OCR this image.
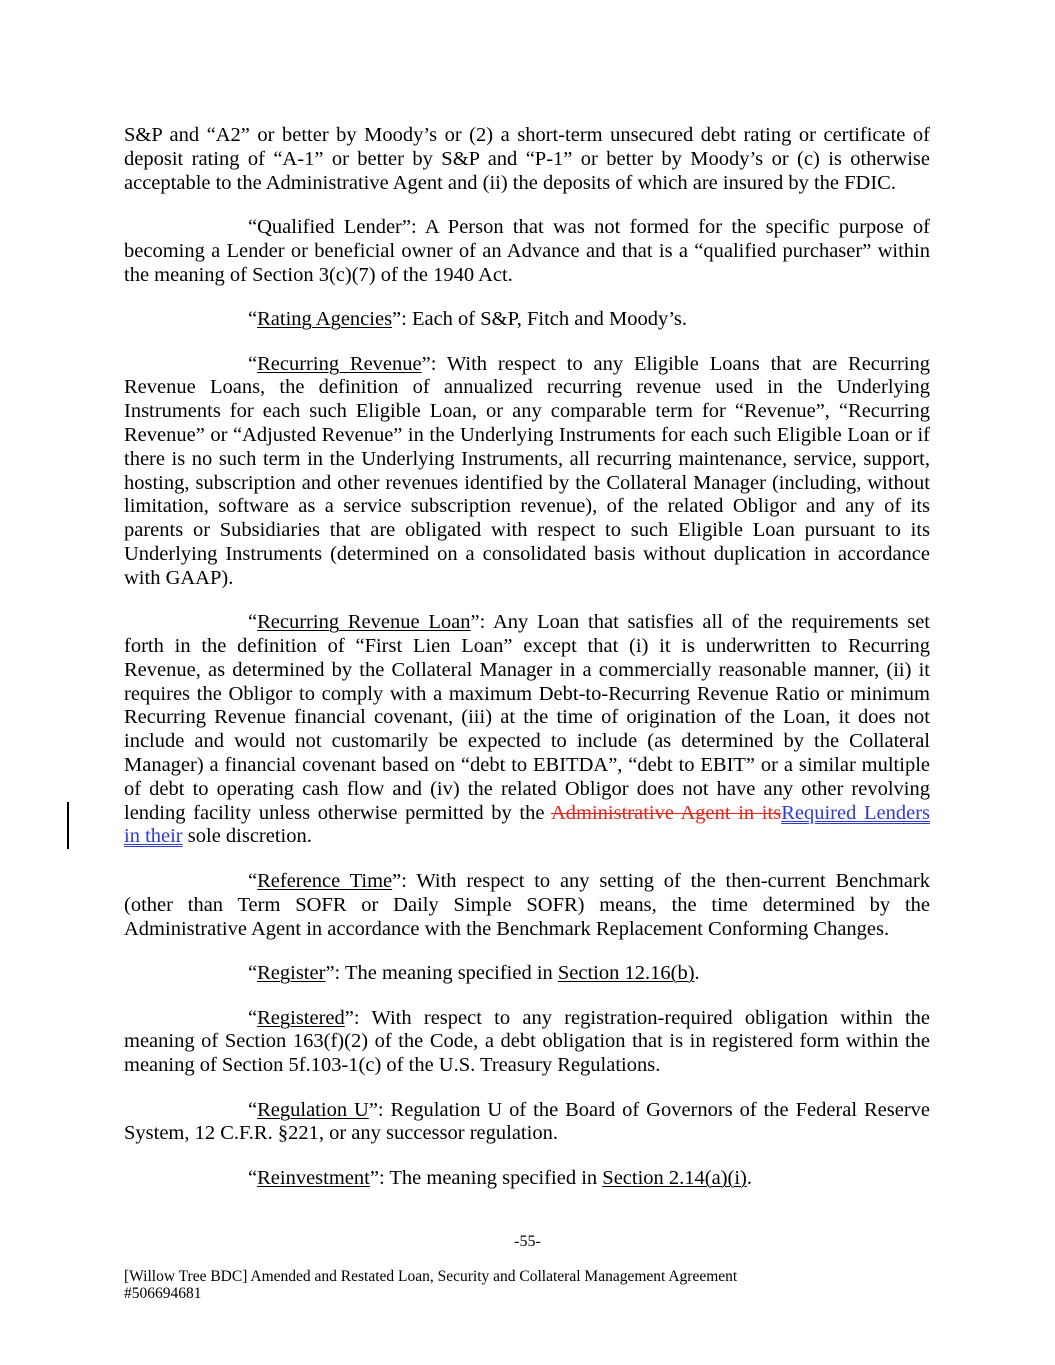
S&P and “A2” or better by Moody’s or (2) a short-term unsecured debt rating or certificate of
deposit rating of “A-1” or better by S&P and “P-1” or better by Moody’s or (c) is otherwise
acceptable to the Administrative Agent and (ii) the deposits of which are insured by the FDIC.
“Qualified Lender”: A Person that was not formed for the specific purpose of
becoming a Lender or beneficial owner of an Advance and that is a “qualified purchaser” within
the meaning of Section 3(c)(7) of the 1940 Act.
“Rating Agencies”: Each of S&P, Fitch and Moody’s.
“Recurring Revenue”: With respect to any Eligible Loans that are Recurring
Revenue Loans, the definition of annualized recurring revenue used in the Underlying
Instruments for each such Eligible Loan, or any comparable term for “Revenue”, “Recurring
Revenue” or “Adjusted Revenue” in the Underlying Instruments for each such Eligible Loan or if
there is no such term in the Underlying Instruments, all recurring maintenance, service, support,
hosting, subscription and other revenues identified by the Collateral Manager (including, without
limitation, software as a service subscription revenue), of the related Obligor and any of its
parents or Subsidiaries that are obligated with respect to such Eligible Loan pursuant to its
Underlying Instruments (determined on a consolidated basis without duplication in accordance
with GAAP).
“Recurring Revenue Loan”: Any Loan that satisfies all of the requirements set
forth in the definition of “First Lien Loan” except that (i) it is underwritten to Recurring
Revenue, as determined by the Collateral Manager in a commercially reasonable manner, (ii) it
requires the Obligor to comply with a maximum Debt-to-Recurring Revenue Ratio or minimum
Recurring Revenue financial covenant, (iii) at the time of origination of the Loan, it does not
include and would not customarily be expected to include (as determined by the Collateral
Manager) a financial covenant based on “debt to EBITDA”, “debt to EBIT” or a similar multiple
of debt to operating cash flow and (iv) the related Obligor does not have any other revolving
lending facility unless otherwise permitted by the Administrative Agent in itsRequired Lenders
in their sole discretion.
“Reference Time”: With respect to any setting of the then-current Benchmark
(other than Term SOFR or Daily Simple SOFR) means, the time determined by the
Administrative Agent in accordance with the Benchmark Replacement Conforming Changes.
“Register”: The meaning specified in Section 12.16(b).
“Registered”: With respect to any registration-required obligation within the
meaning of Section 163(f)(2) of the Code, a debt obligation that is in registered form within the
meaning of Section 5f.103-1(c) of the U.S. Treasury Regulations.
“Regulation U”: Regulation U of the Board of Governors of the Federal Reserve
System, 12 C.F.R. §221, or any successor regulation.
“Reinvestment”: The meaning specified in Section 2.14(a)(i).
-55-
[Willow Tree BDC] Amended and Restated Loan, Security and Collateral Management Agreement
#506694681
